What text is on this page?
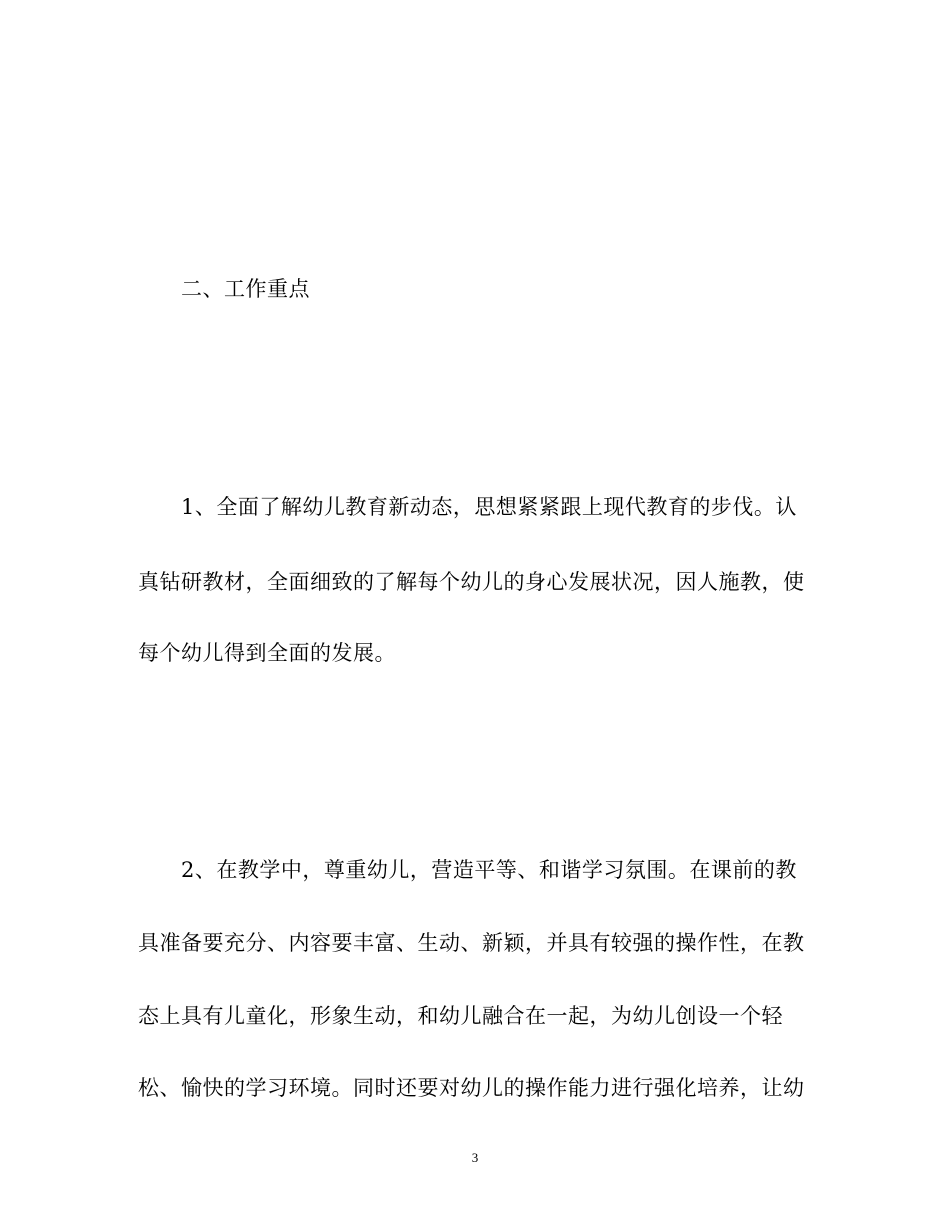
二、工作重点
1、全面了解幼儿教育新动态，思想紧紧跟上现代教育的步伐。认
真钻研教材，全面细致的了解每个幼儿的身心发展状况，因人施教，使
每个幼儿得到全面的发展。
2、在教学中，尊重幼儿，营造平等、和谐学习氛围。在课前的教
具准备要充分、内容要丰富、生动、新颖，并具有较强的操作性，在教
态上具有儿童化，形象生动，和幼儿融合在一起，为幼儿创设一个轻
松、愉快的学习环境。同时还要对幼儿的操作能力进行强化培养，让幼
3
